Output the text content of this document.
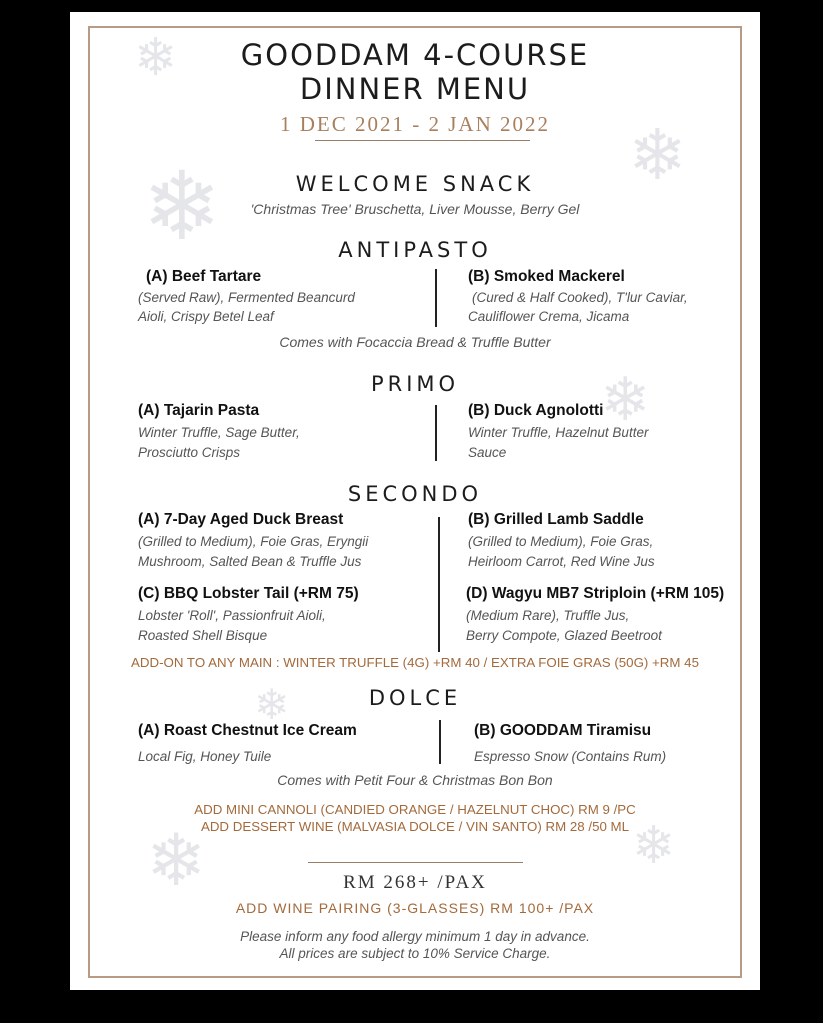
❄
❄
❄
❄
❄
❄	❄
GOODDAM 4-COURSE
DINNER MENU
1 DEC 2021 - 2 JAN 2022
WELCOME SNACK
'Christmas Tree' Bruschetta, Liver Mousse, Berry Gel
ANTIPASTO
(A) Beef Tartare
(Served Raw), Fermented Beancurd
Aioli, Crispy Betel Leaf
(B) Smoked Mackerel
(Cured & Half Cooked), T'lur Caviar,
Cauliflower Crema, Jicama
Comes with Focaccia Bread & Truffle Butter
PRIMO
(A) Tajarin Pasta
Winter Truffle, Sage Butter,
Prosciutto Crisps
(B) Duck Agnolotti
Winter Truffle, Hazelnut Butter
Sauce
SECONDO
(A) 7-Day Aged Duck Breast
(Grilled to Medium), Foie Gras, Eryngii
Mushroom, Salted Bean & Truffle Jus
(B) Grilled Lamb Saddle
(Grilled to Medium), Foie Gras,
Heirloom Carrot, Red Wine Jus
(C) BBQ Lobster Tail (+RM 75)
Lobster 'Roll', Passionfruit Aioli,
Roasted Shell Bisque
(D) Wagyu MB7 Striploin (+RM 105)
(Medium Rare), Truffle Jus,
Berry Compote, Glazed Beetroot
ADD-ON TO ANY MAIN : WINTER TRUFFLE (4G) +RM 40 / EXTRA FOIE GRAS (50G) +RM 45
DOLCE
(A) Roast Chestnut Ice Cream
Local Fig, Honey Tuile
(B) GOODDAM Tiramisu
Espresso Snow (Contains Rum)
Comes with Petit Four & Christmas Bon Bon
ADD MINI CANNOLI (CANDIED ORANGE / HAZELNUT CHOC) RM 9 /PC
ADD DESSERT WINE (MALVASIA DOLCE / VIN SANTO) RM 28 /50 ML
RM 268+ /PAX
ADD WINE PAIRING (3-GLASSES) RM 100+ /PAX
Please inform any food allergy minimum 1 day in advance.
All prices are subject to 10% Service Charge.
